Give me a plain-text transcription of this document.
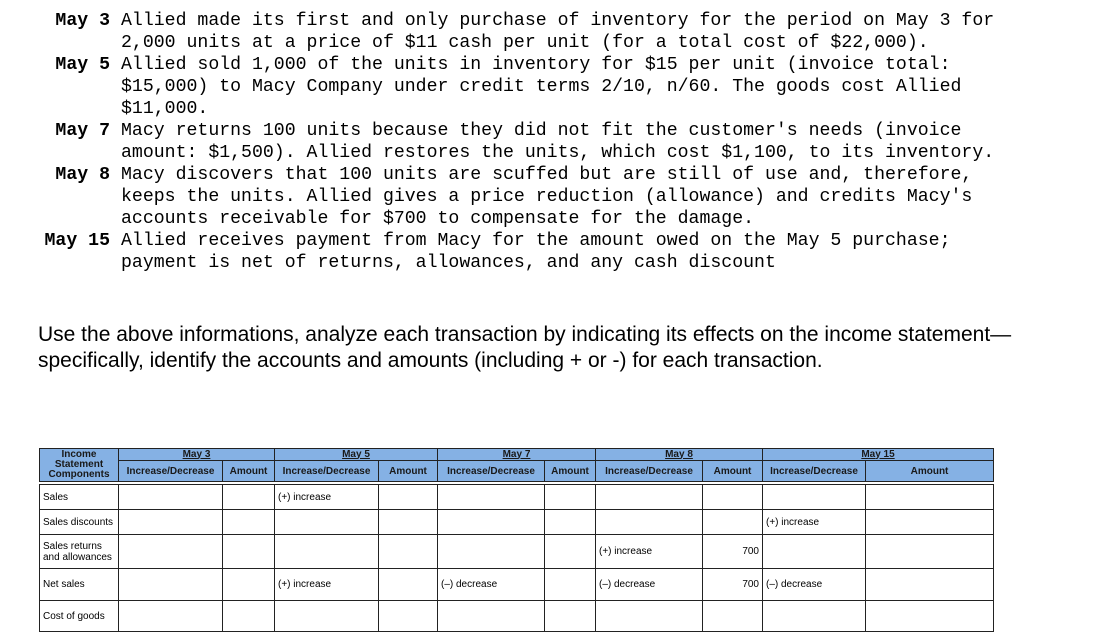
May 3 Allied made its first and only purchase of inventory for the period on May 3 for
2,000 units at a price of $11 cash per unit (for a total cost of $22,000).
May 5 Allied sold 1,000 of the units in inventory for $15 per unit (invoice total:
$15,000) to Macy Company under credit terms 2/10, n/60. The goods cost Allied
$11,000.
May 7 Macy returns 100 units because they did not fit the customer's needs (invoice
amount: $1,500). Allied restores the units, which cost $1,100, to its inventory.
May 8 Macy discovers that 100 units are scuffed but are still of use and, therefore,
keeps the units. Allied gives a price reduction (allowance) and credits Macy's
accounts receivable for $700 to compensate for the damage.
May 15 Allied receives payment from Macy for the amount owed on the May 5 purchase;
payment is net of returns, allowances, and any cash discount
Use the above informations, analyze each transaction by indicating its effects on the income statement—
specifically, identify the accounts and amounts (including + or -) for each transaction.
Income Statement Components	May 3		May 5		May 7		May 8		May 15	
	Increase/Decrease	Amount	Increase/Decrease	Amount	Increase/Decrease	Amount	Increase/Decrease	Amount	Increase/Decrease	Amount

Sales			(+) increase							
Sales discounts									(+) increase	
Sales returns and allowances							(+) increase	700		
Net sales			(+) increase		(–) decrease		(–) decrease	700	(–) decrease	
Cost of goods										
